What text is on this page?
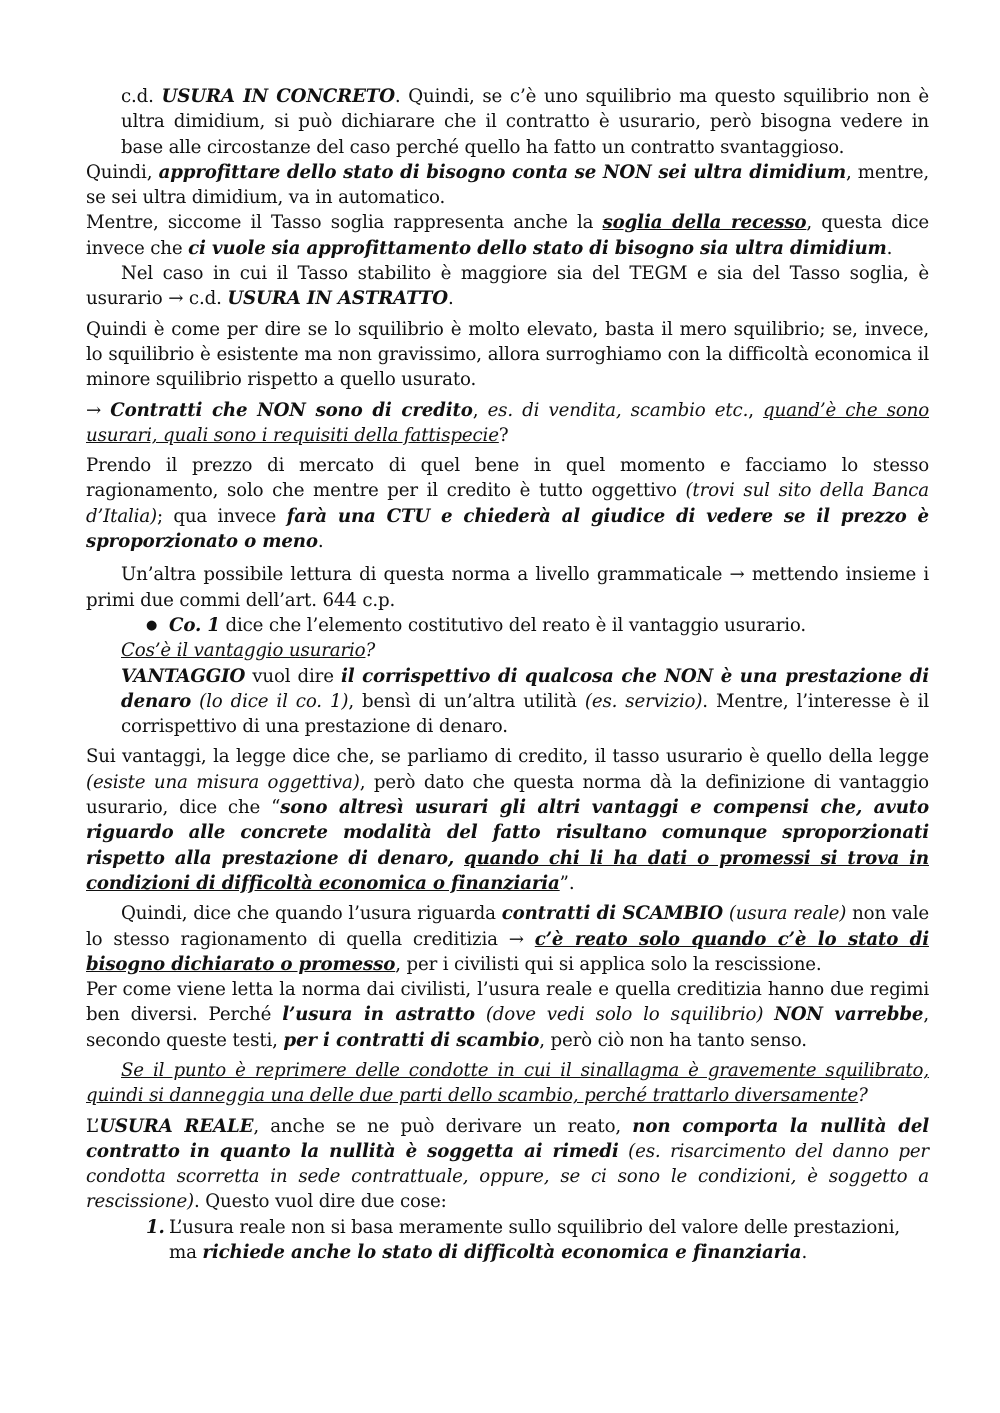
c.d. USURA IN CONCRETO. Quindi, se c’è uno squilibrio ma questo squilibrio non è ultra dimidium, si può dichiarare che il contratto è usurario, però bisogna vedere in base alle circostanze del caso perché quello ha fatto un contratto svantaggioso.

Quindi, approfittare dello stato di bisogno conta se NON sei ultra dimidium, mentre, se sei ultra dimidium, va in automatico.

Mentre, siccome il Tasso soglia rappresenta anche la soglia della recesso, questa dice invece che ci vuole sia approfittamento dello stato di bisogno sia ultra dimidium.

Nel caso in cui il Tasso stabilito è maggiore sia del TEGM e sia del Tasso soglia, è usurario → c.d. USURA IN ASTRATTO.

Quindi è come per dire se lo squilibrio è molto elevato, basta il mero squilibrio; se, invece, lo squilibrio è esistente ma non gravissimo, allora surroghiamo con la difficoltà economica il minore squilibrio rispetto a quello usurato.

→ Contratti che NON sono di credito, es. di vendita, scambio etc., quand’è che sono usurari, quali sono i requisiti della fattispecie?

Prendo il prezzo di mercato di quel bene in quel momento e facciamo lo stesso ragionamento, solo che mentre per il credito è tutto oggettivo (trovi sul sito della Banca d’Italia); qua invece farà una CTU e chiederà al giudice di vedere se il prezzo è sproporzionato o meno.

Un’altra possibile lettura di questa norma a livello grammaticale → mettendo insieme i primi due commi dell’art. 644 c.p.

● Co. 1 dice che l’elemento costitutivo del reato è il vantaggio usurario.

Cos’è il vantaggio usurario?

VANTAGGIO vuol dire il corrispettivo di qualcosa che NON è una prestazione di denaro (lo dice il co. 1), bensì di un’altra utilità (es. servizio). Mentre, l’interesse è il corrispettivo di una prestazione di denaro.

Sui vantaggi, la legge dice che, se parliamo di credito, il tasso usurario è quello della legge (esiste una misura oggettiva), però dato che questa norma dà la definizione di vantaggio usurario, dice che “sono altresì usurari gli altri vantaggi e compensi che, avuto riguardo alle concrete modalità del fatto risultano comunque sproporzionati rispetto alla prestazione di denaro, quando chi li ha dati o promessi si trova in condizioni di difficoltà economica o finanziaria”.

Quindi, dice che quando l’usura riguarda contratti di SCAMBIO (usura reale) non vale lo stesso ragionamento di quella creditizia → c’è reato solo quando c’è lo stato di bisogno dichiarato o promesso, per i civilisti qui si applica solo la rescissione.

Per come viene letta la norma dai civilisti, l’usura reale e quella creditizia hanno due regimi ben diversi. Perché l’usura in astratto (dove vedi solo lo squilibrio) NON varrebbe, secondo queste testi, per i contratti di scambio, però ciò non ha tanto senso.

Se il punto è reprimere delle condotte in cui il sinallagma è gravemente squilibrato, quindi si danneggia una delle due parti dello scambio, perché trattarlo diversamente?

L’USURA REALE, anche se ne può derivare un reato, non comporta la nullità del contratto in quanto la nullità è soggetta ai rimedi (es. risarcimento del danno per condotta scorretta in sede contrattuale, oppure, se ci sono le condizioni, è soggetto a rescissione). Questo vuol dire due cose:

1. L’usura reale non si basa meramente sullo squilibrio del valore delle prestazioni, ma richiede anche lo stato di difficoltà economica e finanziaria.
